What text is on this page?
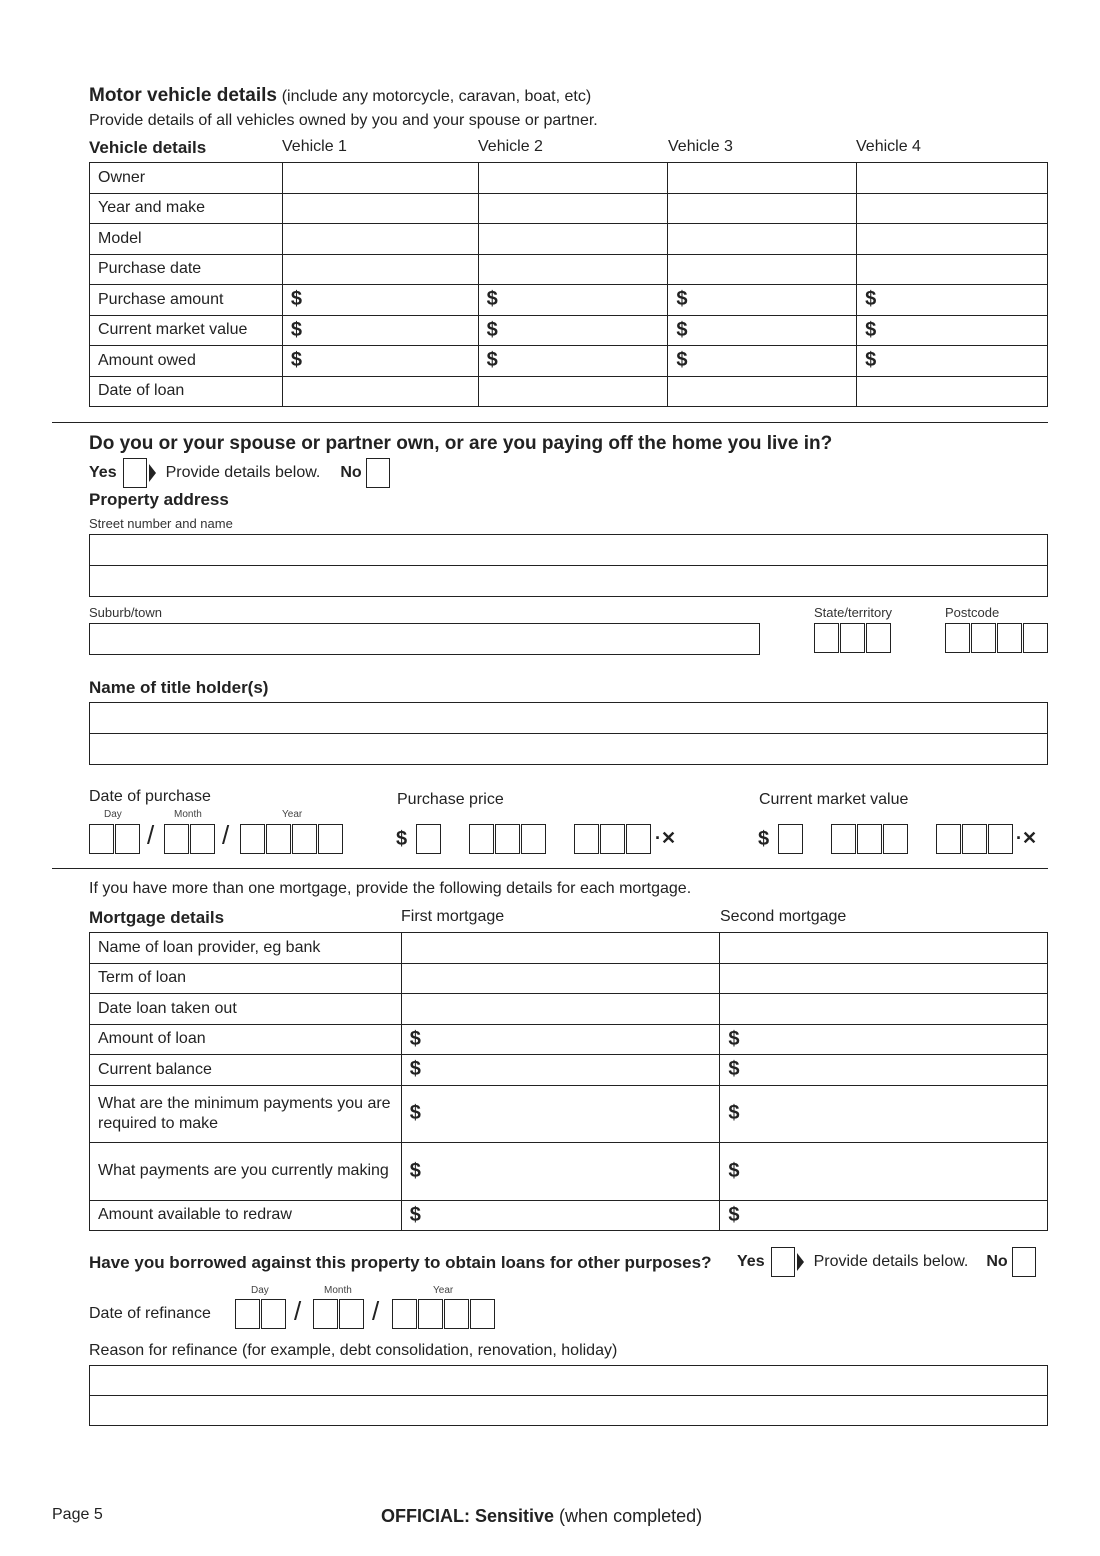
Motor vehicle details (include any motorcycle, caravan, boat, etc)
Provide details of all vehicles owned by you and your spouse or partner.
Vehicle details	Vehicle 1	Vehicle 2	Vehicle 3	Vehicle 4
Owner				
Year and make				
Model				
Purchase date				
Purchase amount	$	$	$	$
Current market value	$	$	$	$
Amount owed	$	$	$	$
Date of loan				
Do you or your spouse or partner own, or are you paying off the home you live in?
Yes	Provide details below. No
Property address
Street number and name
Suburb/town	State/territory	Postcode
Name of title holder(s)
Date of purchase
Day	Month	Year
/	/
Purchase price
$	·✕
Current market value
$	·✕
If you have more than one mortgage, provide the following details for each mortgage.
Mortgage details	First mortgage	Second mortgage
Name of loan provider, eg bank		
Term of loan		
Date loan taken out		
Amount of loan	$	$
Current balance	$	$
What are the minimum payments you are required to make	$	$
What payments are you currently making	$	$
Amount available to redraw	$	$
Have you borrowed against this property to obtain loans for other purposes? Yes	Provide details below. No
Date of refinance
Day	Month	Year
/	/
Reason for refinance (for example, debt consolidation, renovation, holiday)
Page 5	OFFICIAL: Sensitive (when completed)
